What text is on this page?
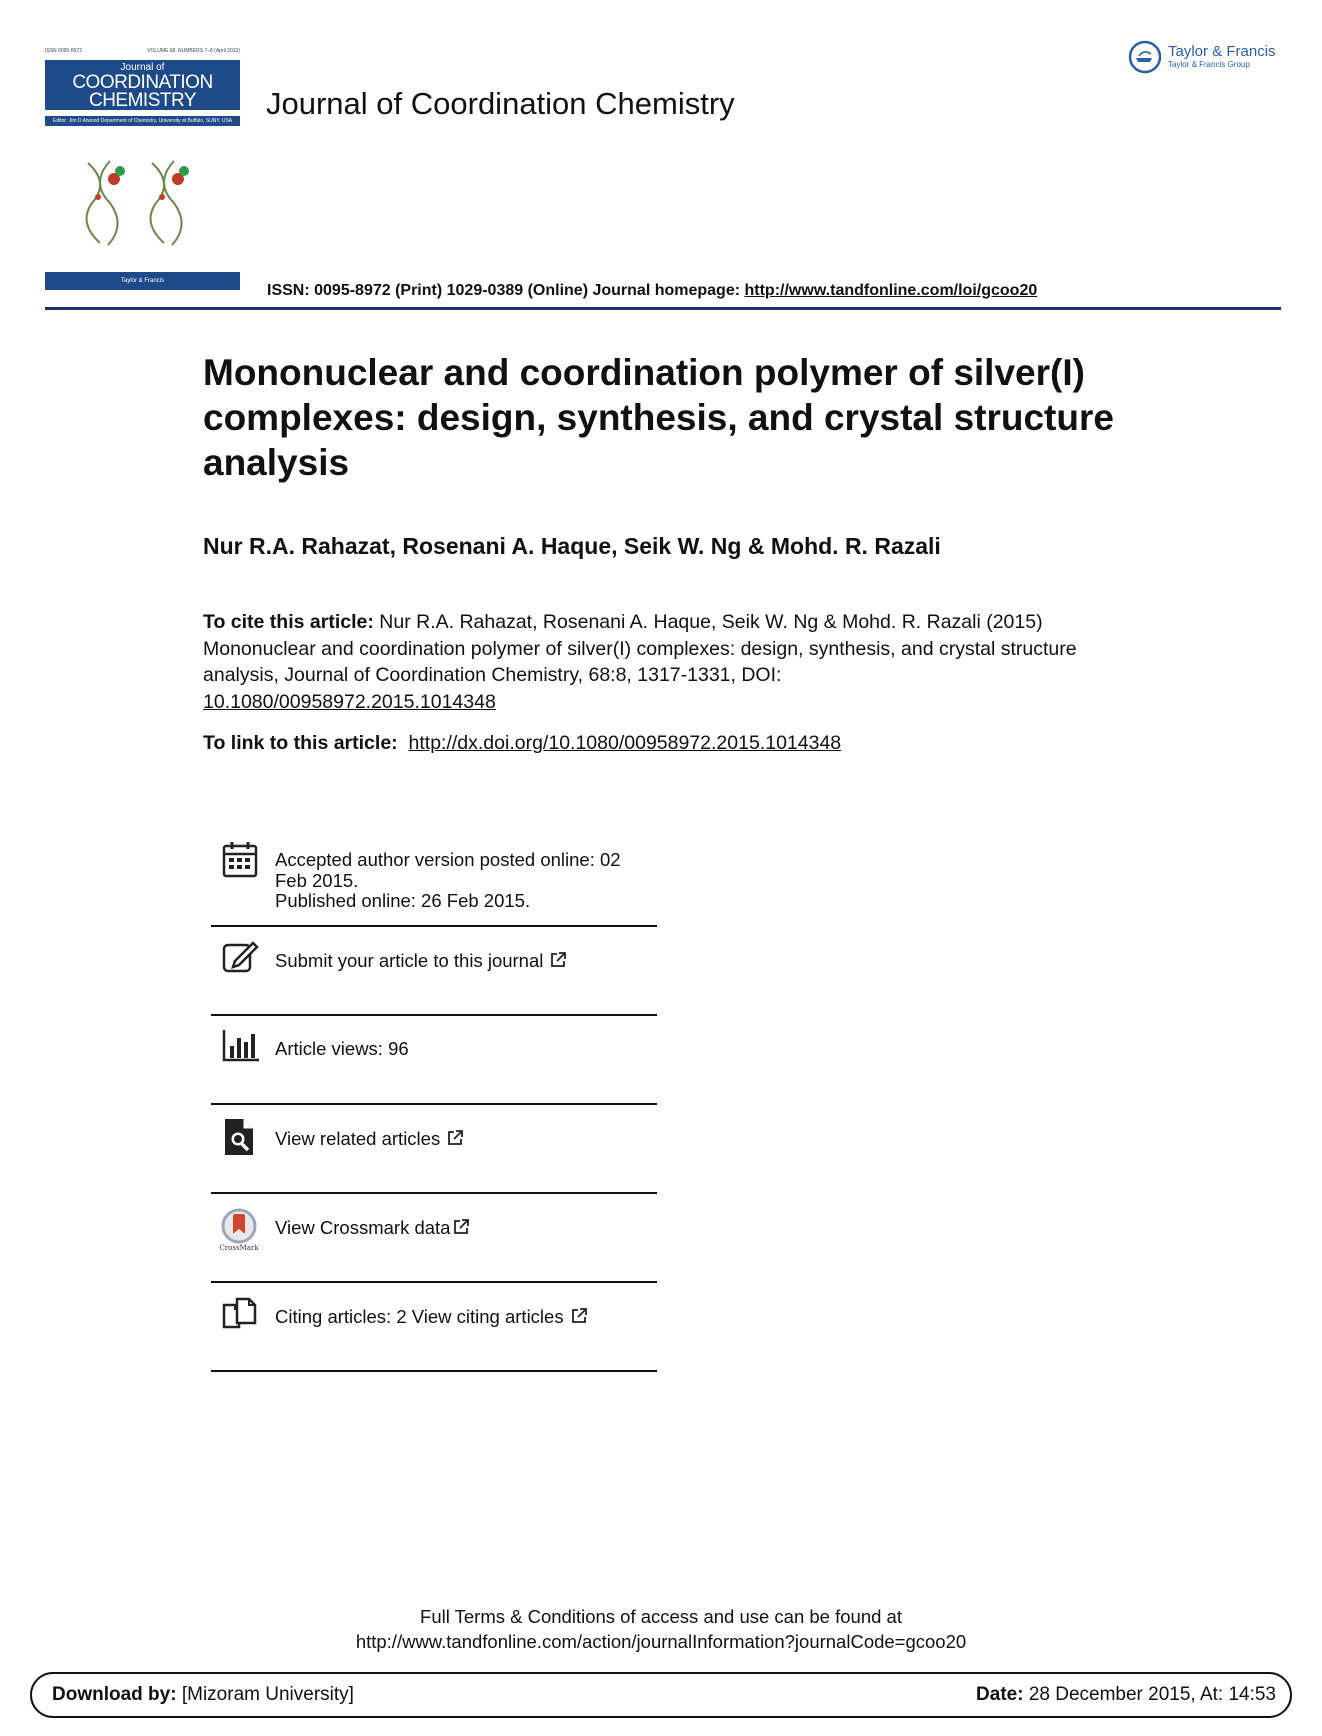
ISSN 0095-8972	VOLUME 68, NUMBERS 7–8 (April 2015)
Journal of
COORDINATION
CHEMISTRY
Editor: Jim D Atwood Department of Chemistry, University at Buffalo, SUNY, USA
Taylor & Francis
Journal of Coordination Chemistry
Taylor & Francis
Taylor & Francis Group
ISSN: 0095-8972 (Print) 1029-0389 (Online) Journal homepage: http://www.tandfonline.com/loi/gcoo20
Mononuclear and coordination polymer of silver(I) complexes: design, synthesis, and crystal structure analysis
Nur R.A. Rahazat, Rosenani A. Haque, Seik W. Ng & Mohd. R. Razali
To cite this article: Nur R.A. Rahazat, Rosenani A. Haque, Seik W. Ng & Mohd. R. Razali (2015) Mononuclear and coordination polymer of silver(I) complexes: design, synthesis, and crystal structure analysis, Journal of Coordination Chemistry, 68:8, 1317-1331, DOI:
10.1080/00958972.2015.1014348
To link to this article: http://dx.doi.org/10.1080/00958972.2015.1014348
Accepted author version posted online: 02 Feb 2015.
Published online: 26 Feb 2015.
Submit your article to this journal
Article views: 96
View related articles
CrossMark
View Crossmark data
Citing articles: 2 View citing articles
Full Terms & Conditions of access and use can be found at
http://www.tandfonline.com/action/journalInformation?journalCode=gcoo20
Download by: [Mizoram University]	Date: 28 December 2015, At: 14:53
